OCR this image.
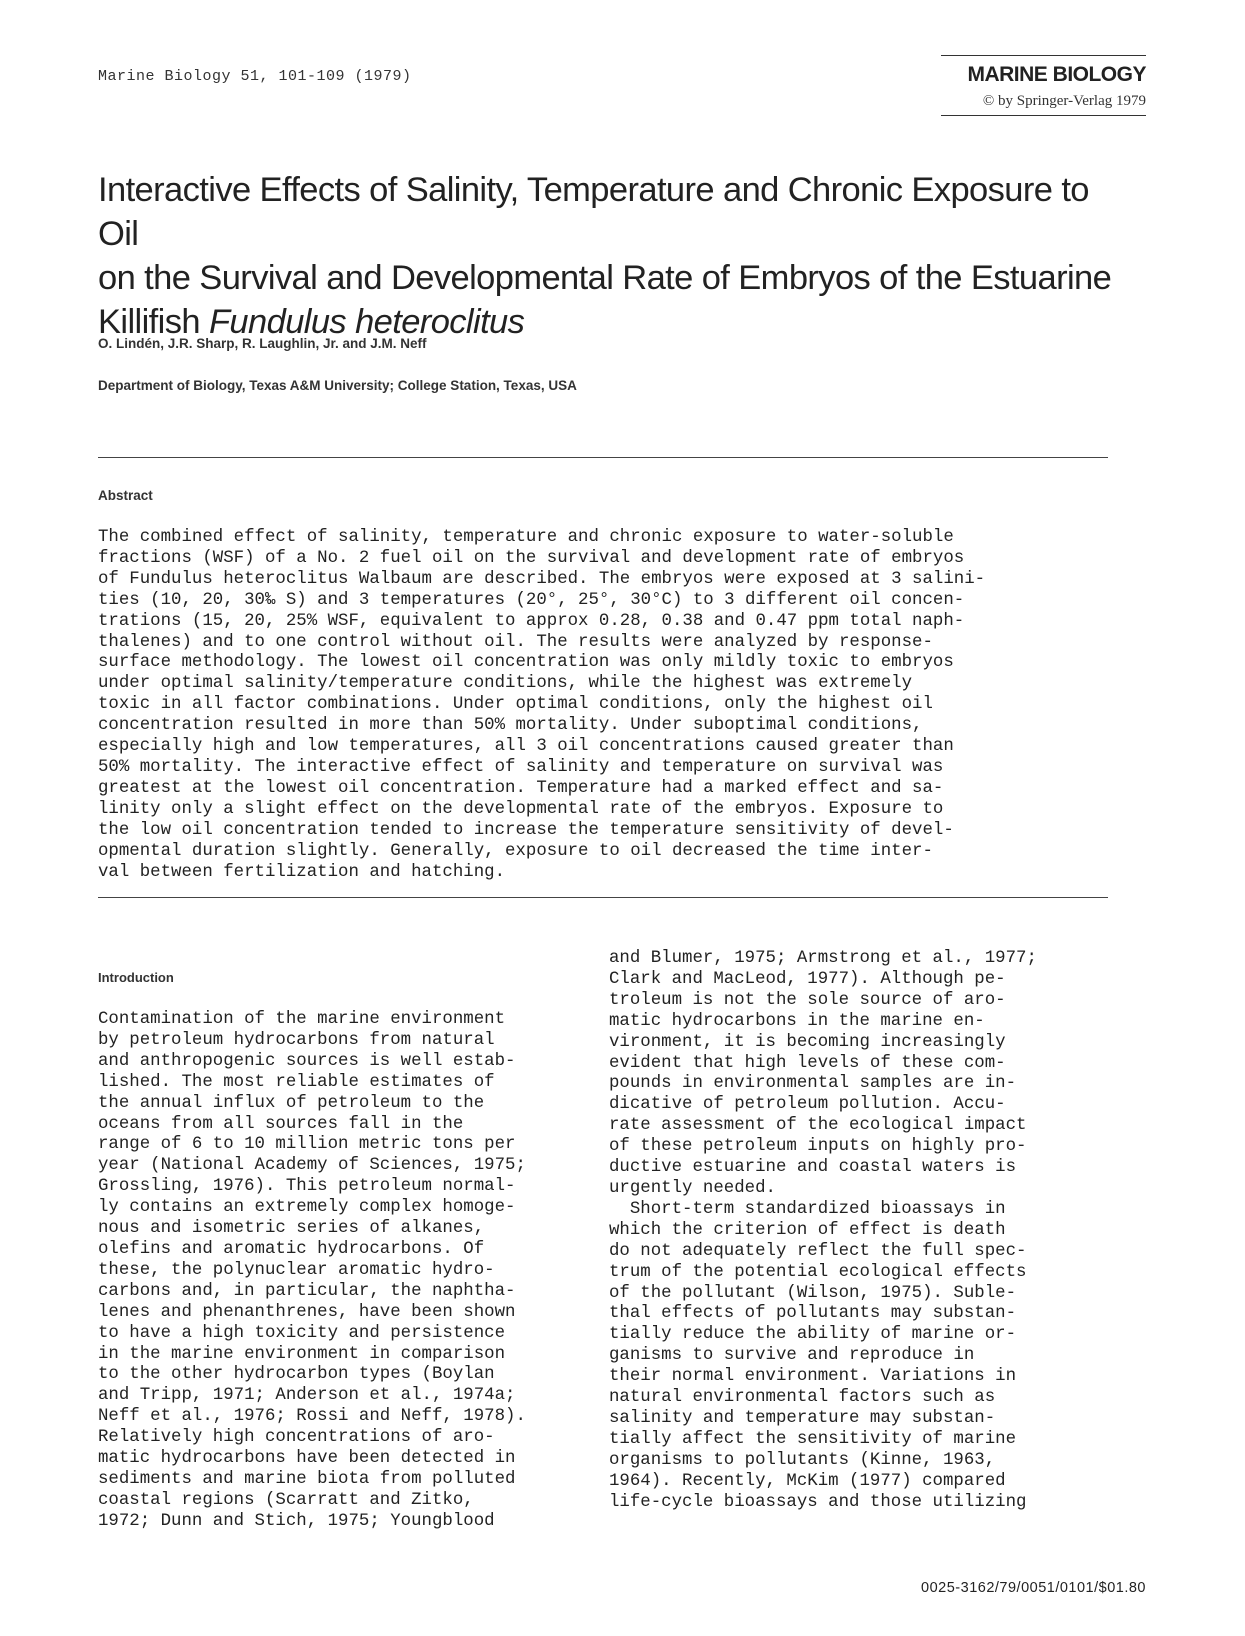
Marine Biology 51, 101-109 (1979)	MARINE BIOLOGY
© by Springer-Verlag 1979
Interactive Effects of Salinity, Temperature and Chronic Exposure to Oil
on the Survival and Developmental Rate of Embryos of the Estuarine
Killifish Fundulus heteroclitus
O. Lindén, J.R. Sharp, R. Laughlin, Jr. and J.M. Neff
Department of Biology, Texas A&M University; College Station, Texas, USA
Abstract
The combined effect of salinity, temperature and chronic exposure to water-soluble
fractions (WSF) of a No. 2 fuel oil on the survival and development rate of embryos
of Fundulus heteroclitus Walbaum are described. The embryos were exposed at 3 salini-
ties (10, 20, 30‰ S) and 3 temperatures (20°, 25°, 30°C) to 3 different oil concen-
trations (15, 20, 25% WSF, equivalent to approx 0.28, 0.38 and 0.47 ppm total naph-
thalenes) and to one control without oil. The results were analyzed by response-
surface methodology. The lowest oil concentration was only mildly toxic to embryos
under optimal salinity/temperature conditions, while the highest was extremely
toxic in all factor combinations. Under optimal conditions, only the highest oil
concentration resulted in more than 50% mortality. Under suboptimal conditions,
especially high and low temperatures, all 3 oil concentrations caused greater than
50% mortality. The interactive effect of salinity and temperature on survival was
greatest at the lowest oil concentration. Temperature had a marked effect and sa-
linity only a slight effect on the developmental rate of the embryos. Exposure to
the low oil concentration tended to increase the temperature sensitivity of devel-
opmental duration slightly. Generally, exposure to oil decreased the time inter-
val between fertilization and hatching.
Introduction
Contamination of the marine environment
by petroleum hydrocarbons from natural
and anthropogenic sources is well estab-
lished. The most reliable estimates of
the annual influx of petroleum to the
oceans from all sources fall in the
range of 6 to 10 million metric tons per
year (National Academy of Sciences, 1975;
Grossling, 1976). This petroleum normal-
ly contains an extremely complex homoge-
nous and isometric series of alkanes,
olefins and aromatic hydrocarbons. Of
these, the polynuclear aromatic hydro-
carbons and, in particular, the naphtha-
lenes and phenanthrenes, have been shown
to have a high toxicity and persistence
in the marine environment in comparison
to the other hydrocarbon types (Boylan
and Tripp, 1971; Anderson et al., 1974a;
Neff et al., 1976; Rossi and Neff, 1978).
Relatively high concentrations of aro-
matic hydrocarbons have been detected in
sediments and marine biota from polluted
coastal regions (Scarratt and Zitko,
1972; Dunn and Stich, 1975; Youngblood
and Blumer, 1975; Armstrong et al., 1977;
Clark and MacLeod, 1977). Although pe-
troleum is not the sole source of aro-
matic hydrocarbons in the marine en-
vironment, it is becoming increasingly
evident that high levels of these com-
pounds in environmental samples are in-
dicative of petroleum pollution. Accu-
rate assessment of the ecological impact
of these petroleum inputs on highly pro-
ductive estuarine and coastal waters is
urgently needed.
Short-term standardized bioassays in
which the criterion of effect is death
do not adequately reflect the full spec-
trum of the potential ecological effects
of the pollutant (Wilson, 1975). Suble-
thal effects of pollutants may substan-
tially reduce the ability of marine or-
ganisms to survive and reproduce in
their normal environment. Variations in
natural environmental factors such as
salinity and temperature may substan-
tially affect the sensitivity of marine
organisms to pollutants (Kinne, 1963,
1964). Recently, McKim (1977) compared
life-cycle bioassays and those utilizing
0025-3162/79/0051/0101/$01.80
